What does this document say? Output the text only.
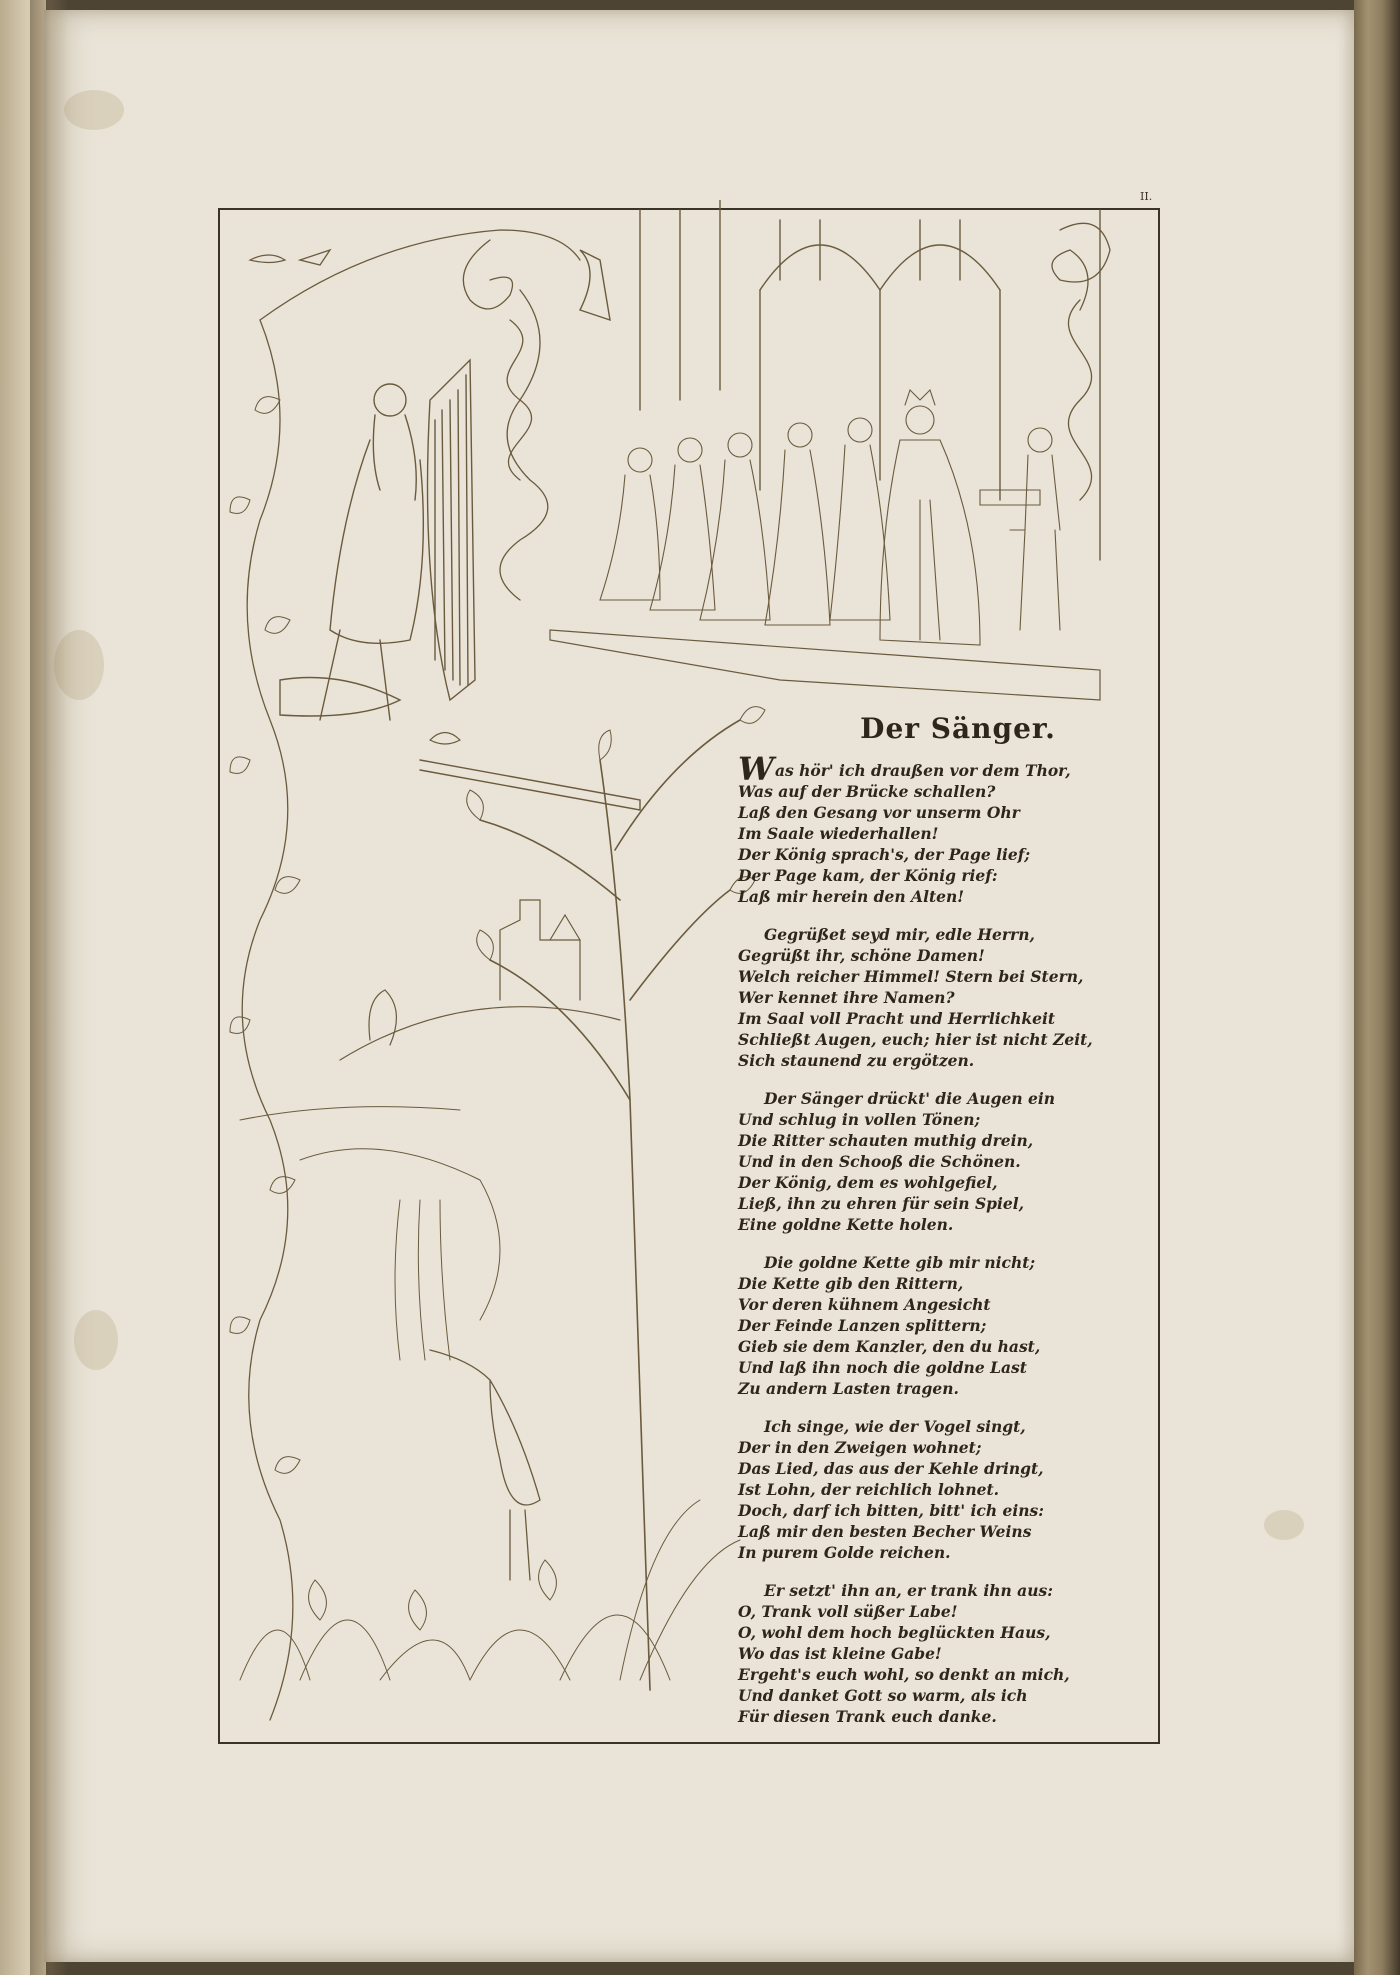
II.
Der Sänger.
Was hör' ich draußen vor dem Thor,
Was auf der Brücke schallen?
Laß den Gesang vor unserm Ohr
Im Saale wiederhallen!
Der König sprach's, der Page lief;
Der Page kam, der König rief:
Laß mir herein den Alten!
Gegrüßet seyd mir, edle Herrn,
Gegrüßt ihr, schöne Damen!
Welch reicher Himmel! Stern bei Stern,
Wer kennet ihre Namen?
Im Saal voll Pracht und Herrlichkeit
Schließt Augen, euch; hier ist nicht Zeit,
Sich staunend zu ergötzen.
Der Sänger drückt' die Augen ein
Und schlug in vollen Tönen;
Die Ritter schauten muthig drein,
Und in den Schooß die Schönen.
Der König, dem es wohlgefiel,
Ließ, ihn zu ehren für sein Spiel,
Eine goldne Kette holen.
Die goldne Kette gib mir nicht;
Die Kette gib den Rittern,
Vor deren kühnem Angesicht
Der Feinde Lanzen splittern;
Gieb sie dem Kanzler, den du hast,
Und laß ihn noch die goldne Last
Zu andern Lasten tragen.
Ich singe, wie der Vogel singt,
Der in den Zweigen wohnet;
Das Lied, das aus der Kehle dringt,
Ist Lohn, der reichlich lohnet.
Doch, darf ich bitten, bitt' ich eins:
Laß mir den besten Becher Weins
In purem Golde reichen.
Er setzt' ihn an, er trank ihn aus:
O, Trank voll süßer Labe!
O, wohl dem hoch beglückten Haus,
Wo das ist kleine Gabe!
Ergeht's euch wohl, so denkt an mich,
Und danket Gott so warm, als ich
Für diesen Trank euch danke.
